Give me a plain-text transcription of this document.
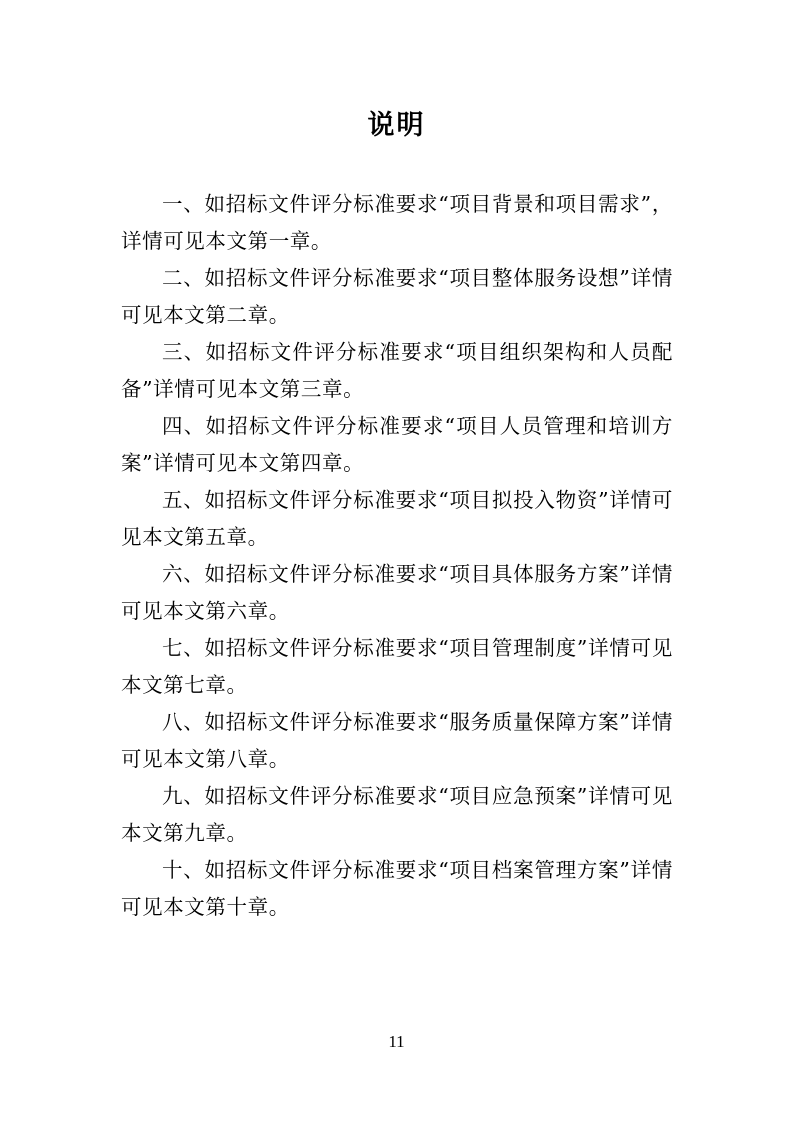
说明

一、如招标文件评分标准要求“项目背景和项目需求”，详情可见本文第一章。

二、如招标文件评分标准要求“项目整体服务设想”详情可见本文第二章。

三、如招标文件评分标准要求“项目组织架构和人员配备”详情可见本文第三章。

四、如招标文件评分标准要求“项目人员管理和培训方案”详情可见本文第四章。

五、如招标文件评分标准要求“项目拟投入物资”详情可见本文第五章。

六、如招标文件评分标准要求“项目具体服务方案”详情可见本文第六章。

七、如招标文件评分标准要求“项目管理制度”详情可见本文第七章。

八、如招标文件评分标准要求“服务质量保障方案”详情可见本文第八章。

九、如招标文件评分标准要求“项目应急预案”详情可见本文第九章。

十、如招标文件评分标准要求“项目档案管理方案”详情可见本文第十章。

11
